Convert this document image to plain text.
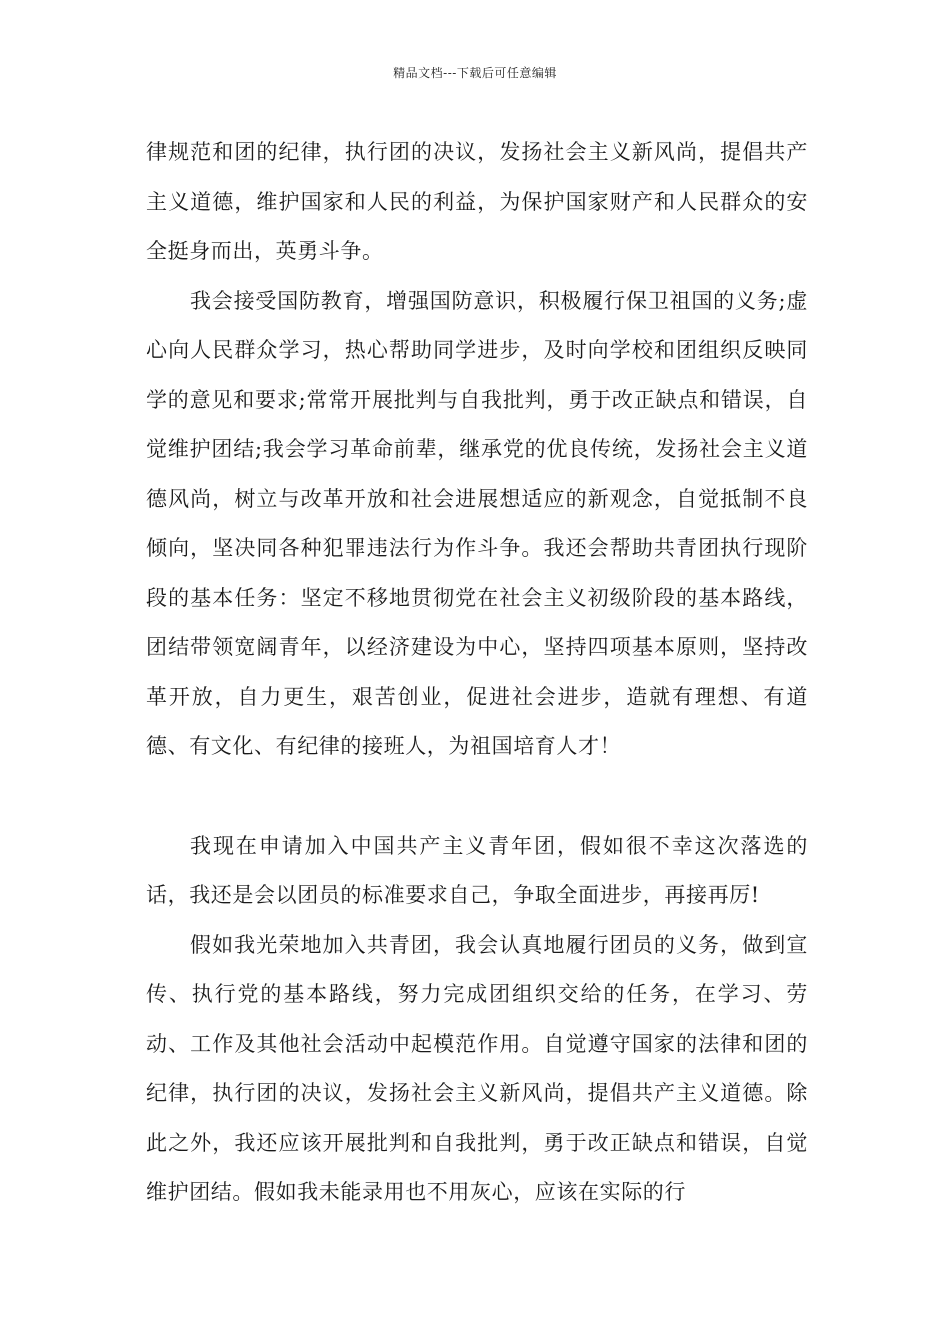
精品文档---下载后可任意编辑

律规范和团的纪律，执行团的决议，发扬社会主义新风尚，提倡共产主义道德，维护国家和人民的利益，为保护国家财产和人民群众的安全挺身而出，英勇斗争。

我会接受国防教育，增强国防意识，积极履行保卫祖国的义务;虚心向人民群众学习，热心帮助同学进步，及时向学校和团组织反映同学的意见和要求;常常开展批判与自我批判，勇于改正缺点和错误，自觉维护团结;我会学习革命前辈，继承党的优良传统，发扬社会主义道德风尚，树立与改革开放和社会进展想适应的新观念，自觉抵制不良倾向，坚决同各种犯罪违法行为作斗争。我还会帮助共青团执行现阶段的基本任务：坚定不移地贯彻党在社会主义初级阶段的基本路线，团结带领宽阔青年，以经济建设为中心，坚持四项基本原则，坚持改革开放，自力更生，艰苦创业，促进社会进步，造就有理想、有道德、有文化、有纪律的接班人，为祖国培育人才！

我现在申请加入中国共产主义青年团，假如很不幸这次落选的话，我还是会以团员的标准要求自己，争取全面进步，再接再厉!

假如我光荣地加入共青团，我会认真地履行团员的义务，做到宣传、执行党的基本路线，努力完成团组织交给的任务，在学习、劳动、工作及其他社会活动中起模范作用。自觉遵守国家的法律和团的纪律，执行团的决议，发扬社会主义新风尚，提倡共产主义道德。除此之外，我还应该开展批判和自我批判，勇于改正缺点和错误，自觉维护团结。假如我未能录用也不用灰心，应该在实际的行
